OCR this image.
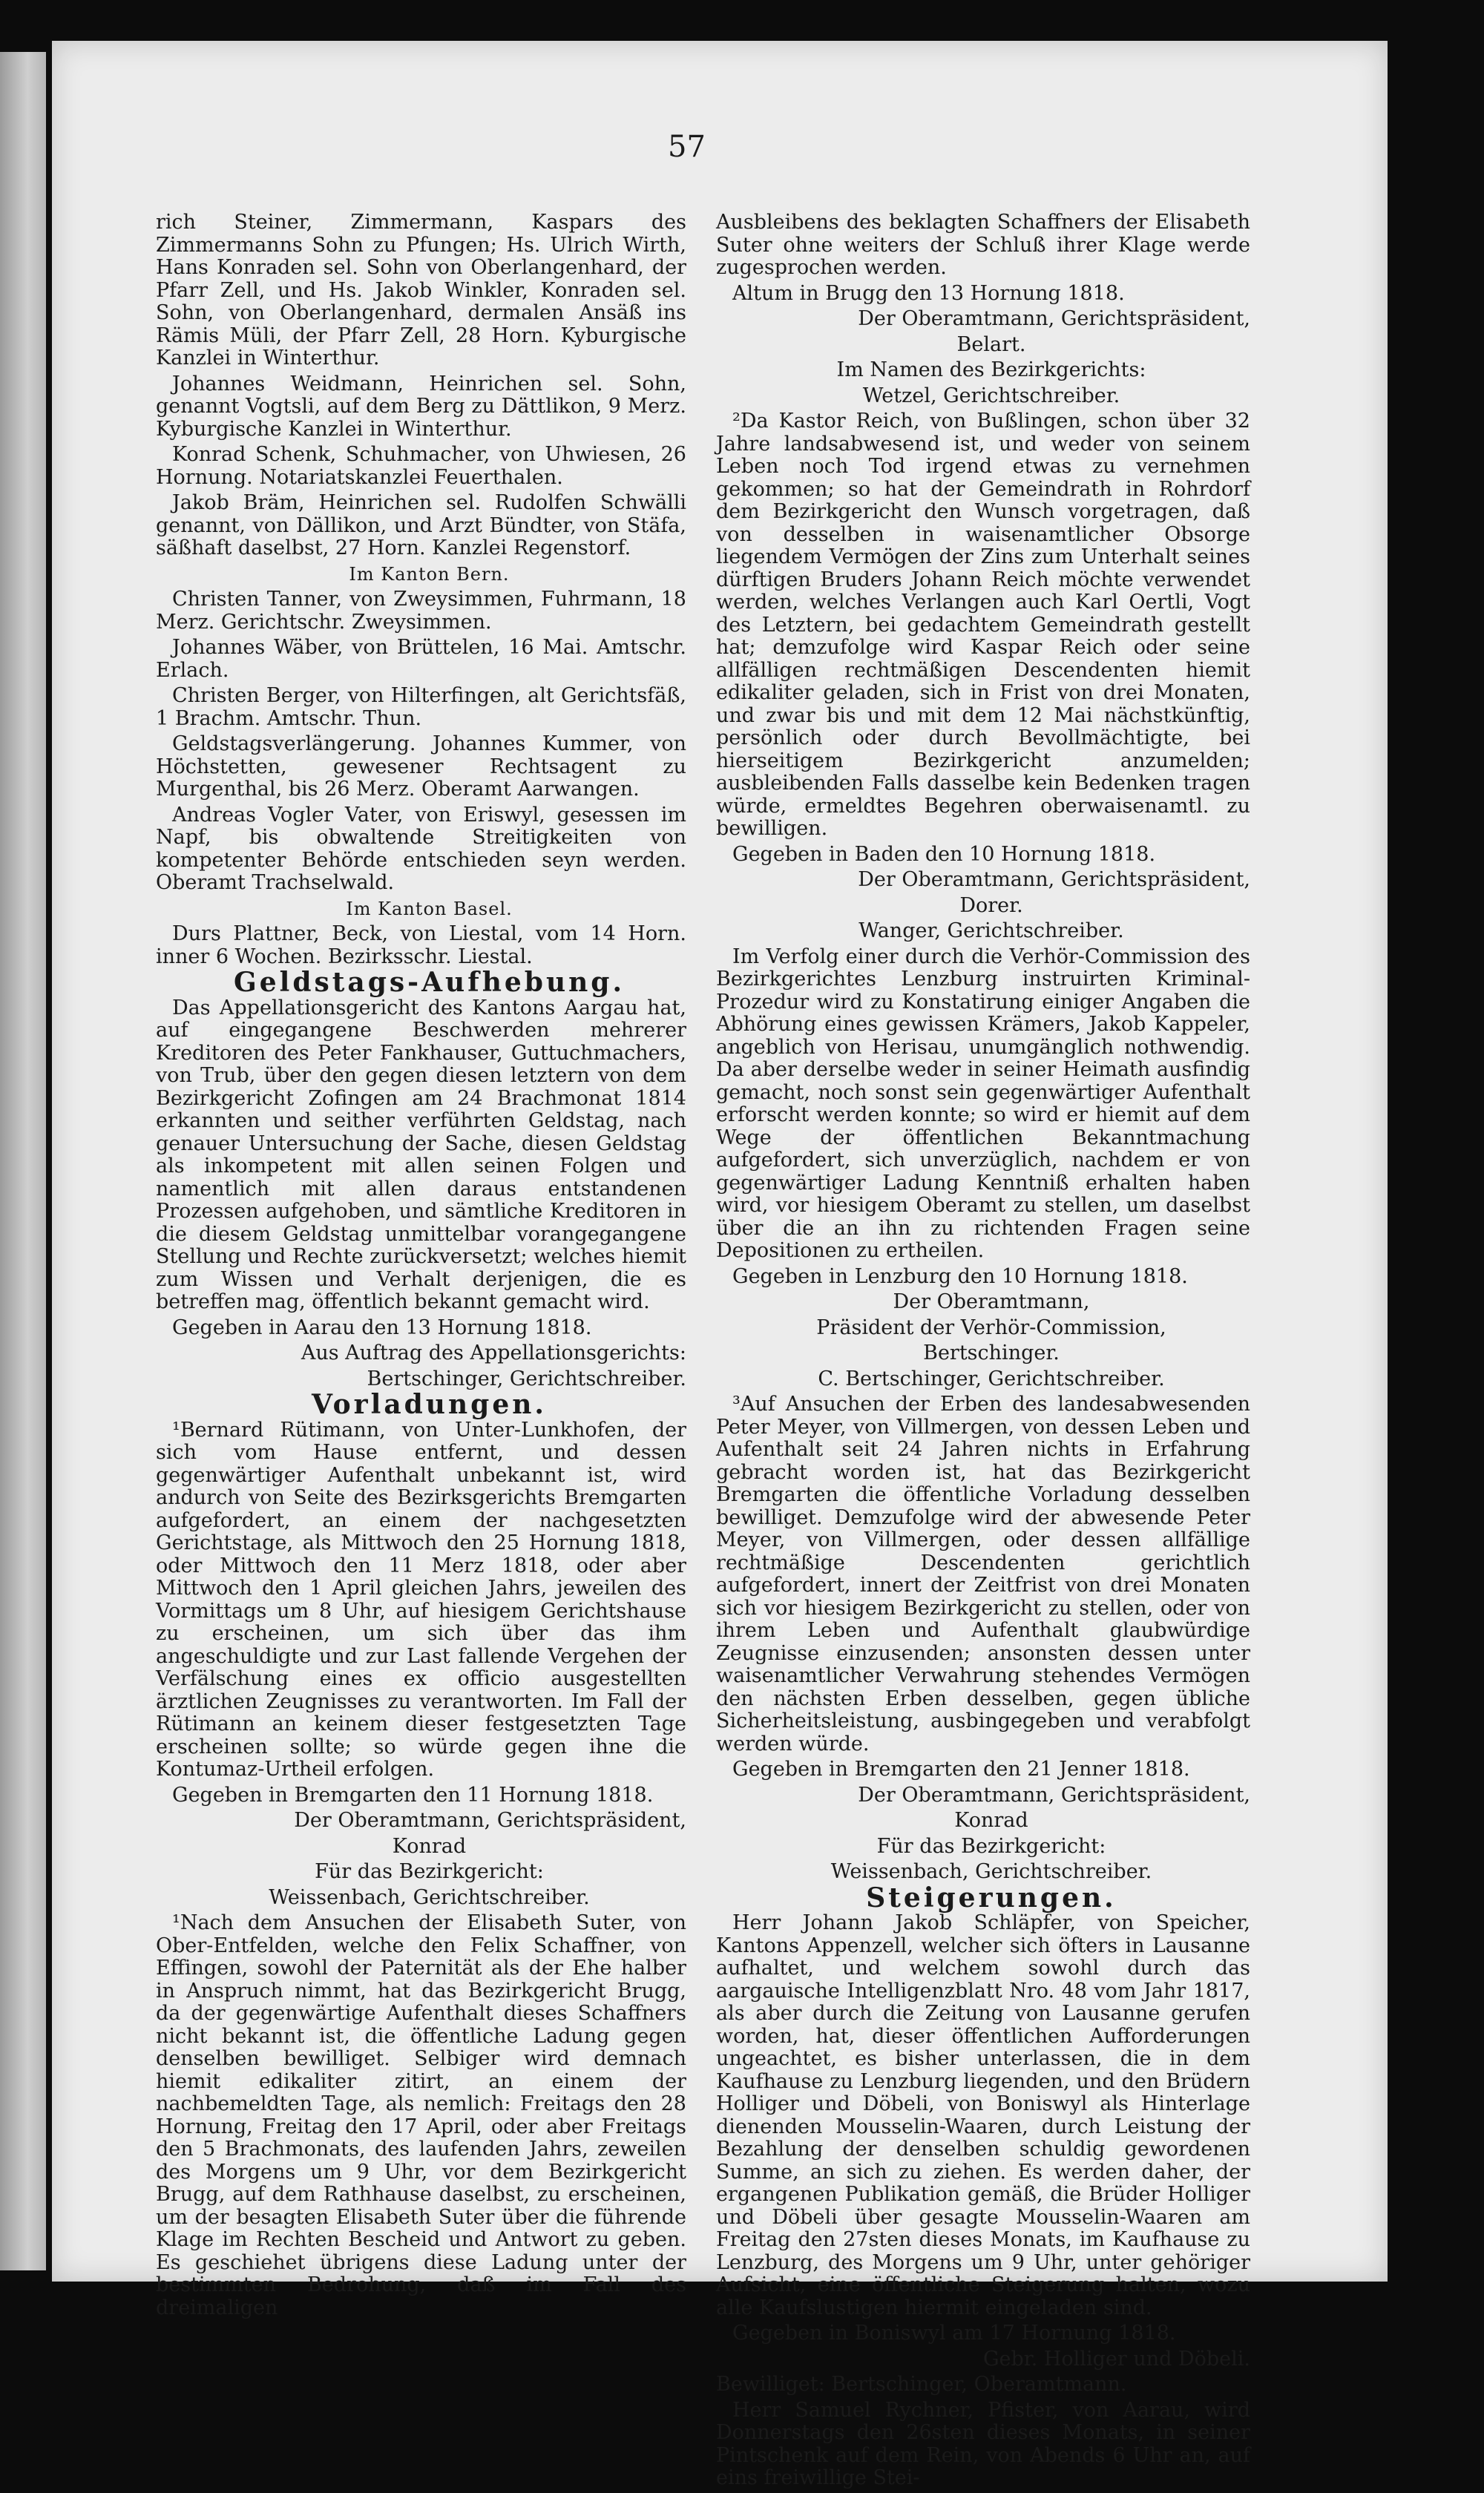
57

rich Steiner, Zimmermann, Kaspars des Zimmermanns Sohn zu Pfungen; Hs. Ulrich Wirth, Hans Konraden sel. Sohn von Oberlangenhard, der Pfarr Zell, und Hs. Jakob Winkler, Konraden sel. Sohn, von Oberlangenhard, dermalen Ansäß ins Rämis Müli, der Pfarr Zell, 28 Horn. Kyburgische Kanzlei in Winterthur.

Johannes Weidmann, Heinrichen sel. Sohn, genannt Vogtsli, auf dem Berg zu Dättlikon, 9 Merz. Kyburgische Kanzlei in Winterthur.

Konrad Schenk, Schuhmacher, von Uhwiesen, 26 Hornung. Notariatskanzlei Feuerthalen.

Jakob Bräm, Heinrichen sel. Rudolfen Schwälli genannt, von Dällikon, und Arzt Bündter, von Stäfa, säßhaft daselbst, 27 Horn. Kanzlei Regenstorf.

Im Kanton Bern.

Christen Tanner, von Zweysimmen, Fuhrmann, 18 Merz. Gerichtschr. Zweysimmen.

Johannes Wäber, von Brüttelen, 16 Mai. Amtschr. Erlach.

Christen Berger, von Hilterfingen, alt Gerichtsfäß, 1 Brachm. Amtschr. Thun.

Geldstagsverlängerung. Johannes Kummer, von Höchstetten, gewesener Rechtsagent zu Murgenthal, bis 26 Merz. Oberamt Aarwangen.

Andreas Vogler Vater, von Eriswyl, gesessen im Napf, bis obwaltende Streitigkeiten von kompetenter Behörde entschieden seyn werden. Oberamt Trachselwald.

Im Kanton Basel.

Durs Plattner, Beck, von Liestal, vom 14 Horn. inner 6 Wochen. Bezirksschr. Liestal.

Geldstags-Aufhebung.

Das Appellationsgericht des Kantons Aargau hat, auf eingegangene Beschwerden mehrerer Kreditoren des Peter Fankhauser, Guttuchmachers, von Trub, über den gegen diesen letztern von dem Bezirkgericht Zofingen am 24 Brachmonat 1814 erkannten und seither verführten Geldstag, nach genauer Untersuchung der Sache, diesen Geldstag als inkompetent mit allen seinen Folgen und namentlich mit allen daraus entstandenen Prozessen aufgehoben, und sämtliche Kreditoren in die diesem Geldstag unmittelbar vorangegangene Stellung und Rechte zurückversetzt; welches hiemit zum Wissen und Verhalt derjenigen, die es betreffen mag, öffentlich bekannt gemacht wird.

Gegeben in Aarau den 13 Hornung 1818.

Aus Auftrag des Appellationsgerichts:

Bertschinger, Gerichtschreiber.

Vorladungen.

¹Bernard Rütimann, von Unter-Lunkhofen, der sich vom Hause entfernt, und dessen gegenwärtiger Aufenthalt unbekannt ist, wird andurch von Seite des Bezirksgerichts Bremgarten aufgefordert, an einem der nachgesetzten Gerichtstage, als Mittwoch den 25 Hornung 1818, oder Mittwoch den 11 Merz 1818, oder aber Mittwoch den 1 April gleichen Jahrs, jeweilen des Vormittags um 8 Uhr, auf hiesigem Gerichtshause zu erscheinen, um sich über das ihm angeschuldigte und zur Last fallende Vergehen der Verfälschung eines ex officio ausgestellten ärztlichen Zeugnisses zu verantworten. Im Fall der Rütimann an keinem dieser festgesetzten Tage erscheinen sollte; so würde gegen ihne die Kontumaz-Urtheil erfolgen.

Gegeben in Bremgarten den 11 Hornung 1818.

Der Oberamtmann, Gerichtspräsident,

Konrad

Für das Bezirkgericht:

Weissenbach, Gerichtschreiber.

¹Nach dem Ansuchen der Elisabeth Suter, von Ober-Entfelden, welche den Felix Schaffner, von Effingen, sowohl der Paternität als der Ehe halber in Anspruch nimmt, hat das Bezirkgericht Brugg, da der gegenwärtige Aufenthalt dieses Schaffners nicht bekannt ist, die öffentliche Ladung gegen denselben bewilliget. Selbiger wird demnach hiemit edikaliter zitirt, an einem der nachbemeldten Tage, als nemlich: Freitags den 28 Hornung, Freitag den 17 April, oder aber Freitags den 5 Brachmonats, des laufenden Jahrs, zeweilen des Morgens um 9 Uhr, vor dem Bezirkgericht Brugg, auf dem Rathhause daselbst, zu erscheinen, um der besagten Elisabeth Suter über die führende Klage im Rechten Bescheid und Antwort zu geben. Es geschiehet übrigens diese Ladung unter der bestimmten Bedrohung, daß im Fall des dreimaligen

Ausbleibens des beklagten Schaffners der Elisabeth Suter ohne weiters der Schluß ihrer Klage werde zugesprochen werden.

Altum in Brugg den 13 Hornung 1818.

Der Oberamtmann, Gerichtspräsident,

Belart.

Im Namen des Bezirkgerichts:

Wetzel, Gerichtschreiber.

²Da Kastor Reich, von Bußlingen, schon über 32 Jahre landsabwesend ist, und weder von seinem Leben noch Tod irgend etwas zu vernehmen gekommen; so hat der Gemeindrath in Rohrdorf dem Bezirkgericht den Wunsch vorgetragen, daß von desselben in waisenamtlicher Obsorge liegendem Vermögen der Zins zum Unterhalt seines dürftigen Bruders Johann Reich möchte verwendet werden, welches Verlangen auch Karl Oertli, Vogt des Letztern, bei gedachtem Gemeindrath gestellt hat; demzufolge wird Kaspar Reich oder seine allfälligen rechtmäßigen Descendenten hiemit edikaliter geladen, sich in Frist von drei Monaten, und zwar bis und mit dem 12 Mai nächstkünftig, persönlich oder durch Bevollmächtigte, bei hierseitigem Bezirkgericht anzumelden; ausbleibenden Falls dasselbe kein Bedenken tragen würde, ermeldtes Begehren oberwaisenamtl. zu bewilligen.

Gegeben in Baden den 10 Hornung 1818.

Der Oberamtmann, Gerichtspräsident,

Dorer.

Wanger, Gerichtschreiber.

Im Verfolg einer durch die Verhör-Commission des Bezirkgerichtes Lenzburg instruirten Kriminal-Prozedur wird zu Konstatirung einiger Angaben die Abhörung eines gewissen Krämers, Jakob Kappeler, angeblich von Herisau, unumgänglich nothwendig. Da aber derselbe weder in seiner Heimath ausfindig gemacht, noch sonst sein gegenwärtiger Aufenthalt erforscht werden konnte; so wird er hiemit auf dem Wege der öffentlichen Bekanntmachung aufgefordert, sich unverzüglich, nachdem er von gegenwärtiger Ladung Kenntniß erhalten haben wird, vor hiesigem Oberamt zu stellen, um daselbst über die an ihn zu richtenden Fragen seine Depositionen zu ertheilen.

Gegeben in Lenzburg den 10 Hornung 1818.

Der Oberamtmann,

Präsident der Verhör-Commission,

Bertschinger.

C. Bertschinger, Gerichtschreiber.

³Auf Ansuchen der Erben des landesabwesenden Peter Meyer, von Villmergen, von dessen Leben und Aufenthalt seit 24 Jahren nichts in Erfahrung gebracht worden ist, hat das Bezirkgericht Bremgarten die öffentliche Vorladung desselben bewilliget. Demzufolge wird der abwesende Peter Meyer, von Villmergen, oder dessen allfällige rechtmäßige Descendenten gerichtlich aufgefordert, innert der Zeitfrist von drei Monaten sich vor hiesigem Bezirkgericht zu stellen, oder von ihrem Leben und Aufenthalt glaubwürdige Zeugnisse einzusenden; ansonsten dessen unter waisenamtlicher Verwahrung stehendes Vermögen den nächsten Erben desselben, gegen übliche Sicherheitsleistung, ausbingegeben und verabfolgt werden würde.

Gegeben in Bremgarten den 21 Jenner 1818.

Der Oberamtmann, Gerichtspräsident,

Konrad

Für das Bezirkgericht:

Weissenbach, Gerichtschreiber.

Steigerungen.

Herr Johann Jakob Schläpfer, von Speicher, Kantons Appenzell, welcher sich öfters in Lausanne aufhaltet, und welchem sowohl durch das aargauische Intelligenzblatt Nro. 48 vom Jahr 1817, als aber durch die Zeitung von Lausanne gerufen worden, hat, dieser öffentlichen Aufforderungen ungeachtet, es bisher unterlassen, die in dem Kaufhause zu Lenzburg liegenden, und den Brüdern Holliger und Döbeli, von Boniswyl als Hinterlage dienenden Mousselin-Waaren, durch Leistung der Bezahlung der denselben schuldig gewordenen Summe, an sich zu ziehen. Es werden daher, der ergangenen Publikation gemäß, die Brüder Holliger und Döbeli über gesagte Mousselin-Waaren am Freitag den 27sten dieses Monats, im Kaufhause zu Lenzburg, des Morgens um 9 Uhr, unter gehöriger Aufsicht, eine öffentliche Steigerung halten, wozu alle Kaufslustigen hiermit eingeladen sind.

Gegeben in Boniswyl am 17 Hornung 1818.

Gebr. Holliger und Döbeli.

Bewilliget: Bertschinger, Oberamtmann.

Herr Samuel Rychner, Pfister, von Aarau, wird Donnerstags den 26sten dieses Monats, in seiner Pintschenk auf dem Rein, von Abends 6 Uhr an, auf eins freiwillige Stei-
